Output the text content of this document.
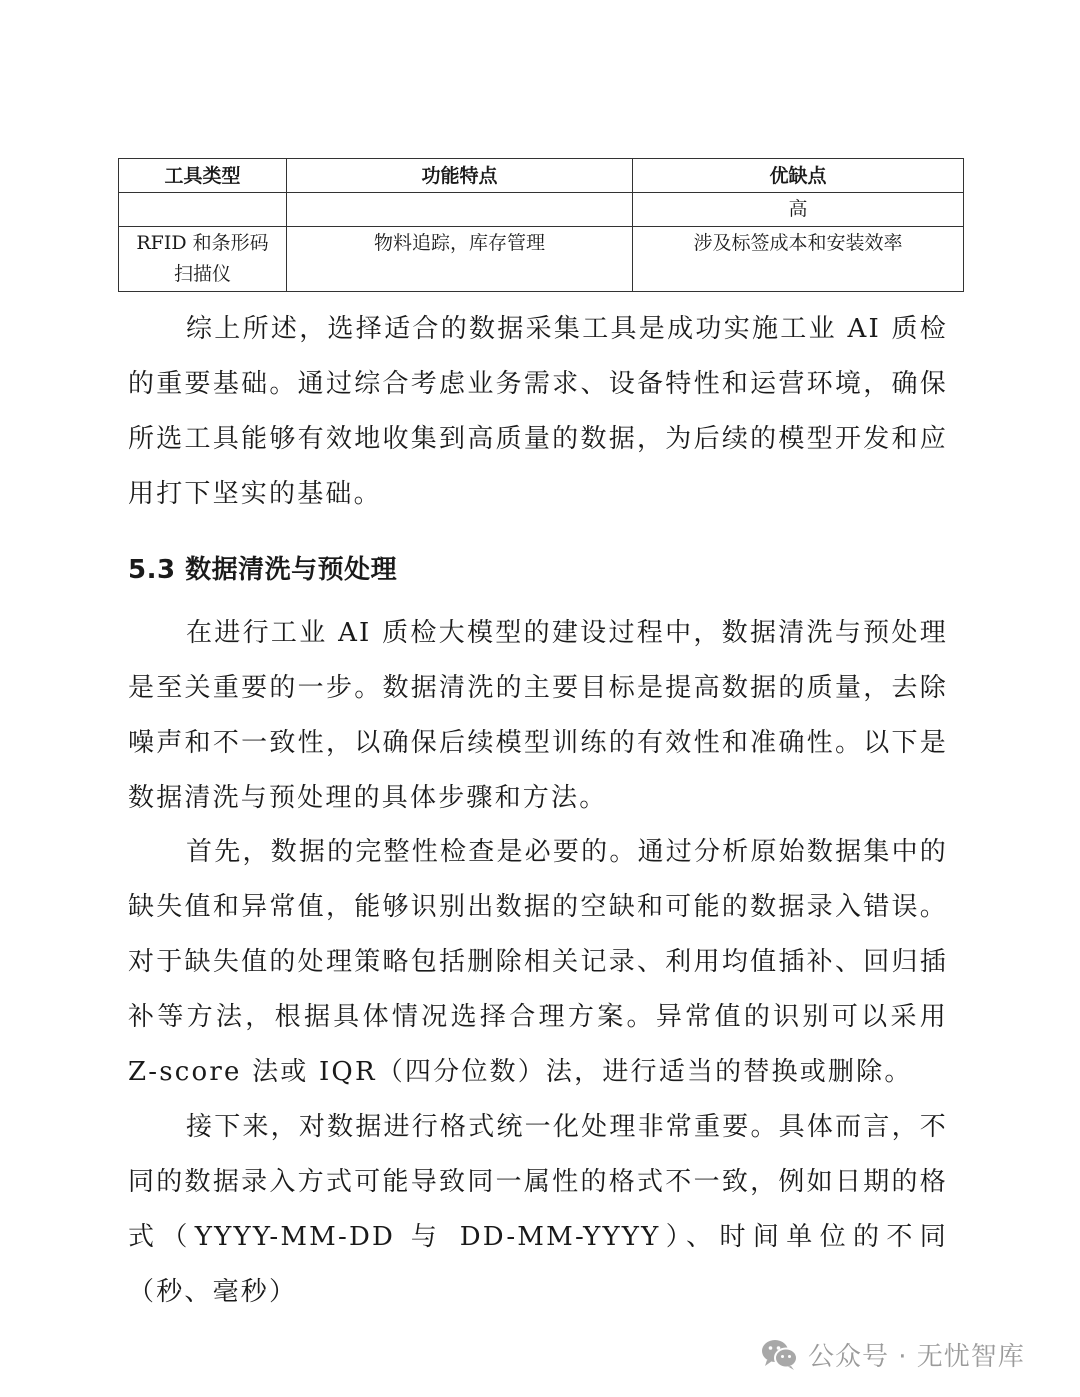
工具类型	功能特点	优缺点
		高
RFID 和条形码扫描仪	物料追踪，库存管理	涉及标签成本和安装效率

综上所述，选择适合的数据采集工具是成功实施工业 AI 质检的重要基础。通过综合考虑业务需求、设备特性和运营环境，确保所选工具能够有效地收集到高质量的数据，为后续的模型开发和应用打下坚实的基础。

5.3 数据清洗与预处理

在进行工业 AI 质检大模型的建设过程中，数据清洗与预处理是至关重要的一步。数据清洗的主要目标是提高数据的质量，去除噪声和不一致性，以确保后续模型训练的有效性和准确性。以下是数据清洗与预处理的具体步骤和方法。

首先，数据的完整性检查是必要的。通过分析原始数据集中的缺失值和异常值，能够识别出数据的空缺和可能的数据录入错误。对于缺失值的处理策略包括删除相关记录、利用均值插补、回归插补等方法，根据具体情况选择合理方案。异常值的识别可以采用 Z-score 法或 IQR（四分位数）法，进行适当的替换或删除。

接下来，对数据进行格式统一化处理非常重要。具体而言，不同的数据录入方式可能导致同一属性的格式不一致，例如日期的格式（YYYY-MM-DD 与 DD-MM-YYYY）、时间单位的不同（秒、毫秒）

公众号 · 无忧智库
